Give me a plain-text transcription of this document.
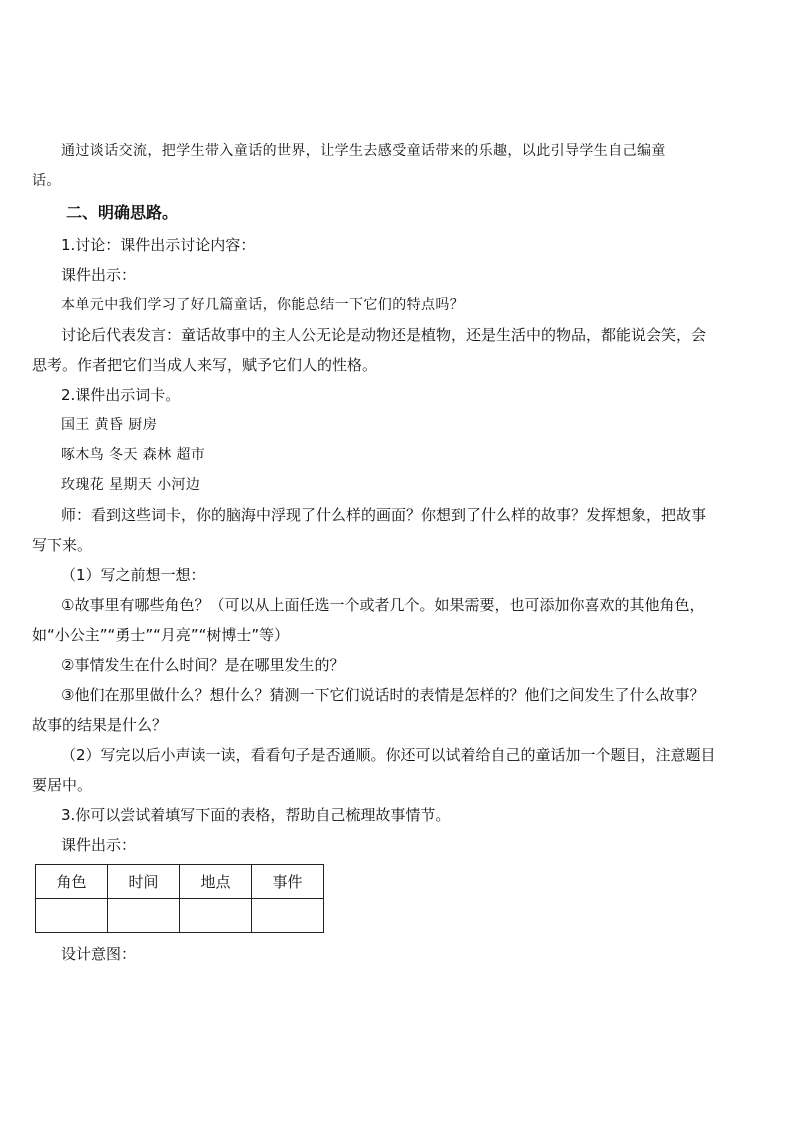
通过谈话交流，把学生带入童话的世界，让学生去感受童话带来的乐趣，以此引导学生自己编童
话。
二、明确思路。
1.讨论：课件出示讨论内容：
课件出示：
本单元中我们学习了好几篇童话，你能总结一下它们的特点吗？
讨论后代表发言：童话故事中的主人公无论是动物还是植物，还是生活中的物品，都能说会笑，会
思考。作者把它们当成人来写，赋予它们人的性格。
2.课件出示词卡。
国王 黄昏 厨房
啄木鸟 冬天 森林 超市
玫瑰花 星期天 小河边
师：看到这些词卡，你的脑海中浮现了什么样的画面？你想到了什么样的故事？发挥想象，把故事
写下来。
（1）写之前想一想：
①故事里有哪些角色？（可以从上面任选一个或者几个。如果需要，也可添加你喜欢的其他角色，
如“小公主”“勇士”“月亮”“树博士”等）
②事情发生在什么时间？是在哪里发生的？
③他们在那里做什么？想什么？猜测一下它们说话时的表情是怎样的？他们之间发生了什么故事？
故事的结果是什么？
（2）写完以后小声读一读，看看句子是否通顺。你还可以试着给自己的童话加一个题目，注意题目
要居中。
3.你可以尝试着填写下面的表格，帮助自己梳理故事情节。
课件出示：
角色	时间	地点	事件

设计意图：
